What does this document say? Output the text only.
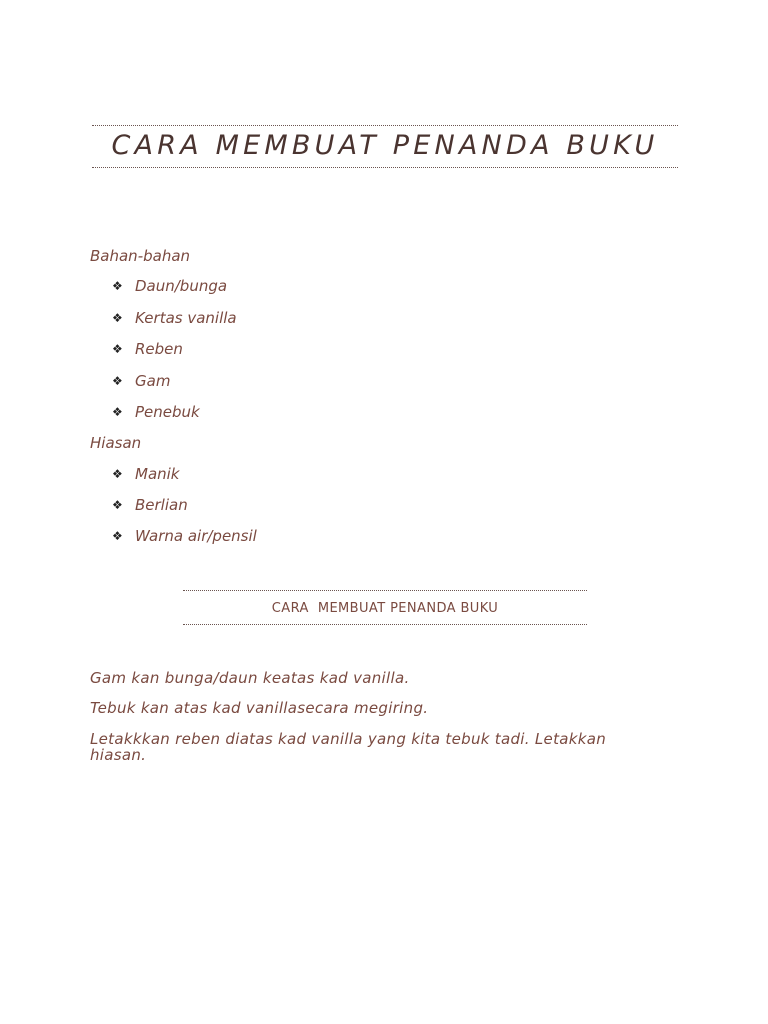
CARA MEMBUAT PENANDA BUKU
Bahan-bahan
❖ Daun/bunga
❖ Kertas vanilla
❖ Reben
❖ Gam
❖ Penebuk
Hiasan
❖ Manik
❖ Berlian
❖ Warna air/pensil
CARA  MEMBUAT PENANDA BUKU
Gam kan bunga/daun keatas kad vanilla.
Tebuk kan atas kad vanillasecara megiring.
Letakkkan reben diatas kad vanilla yang kita tebuk tadi. Letakkan hiasan.
